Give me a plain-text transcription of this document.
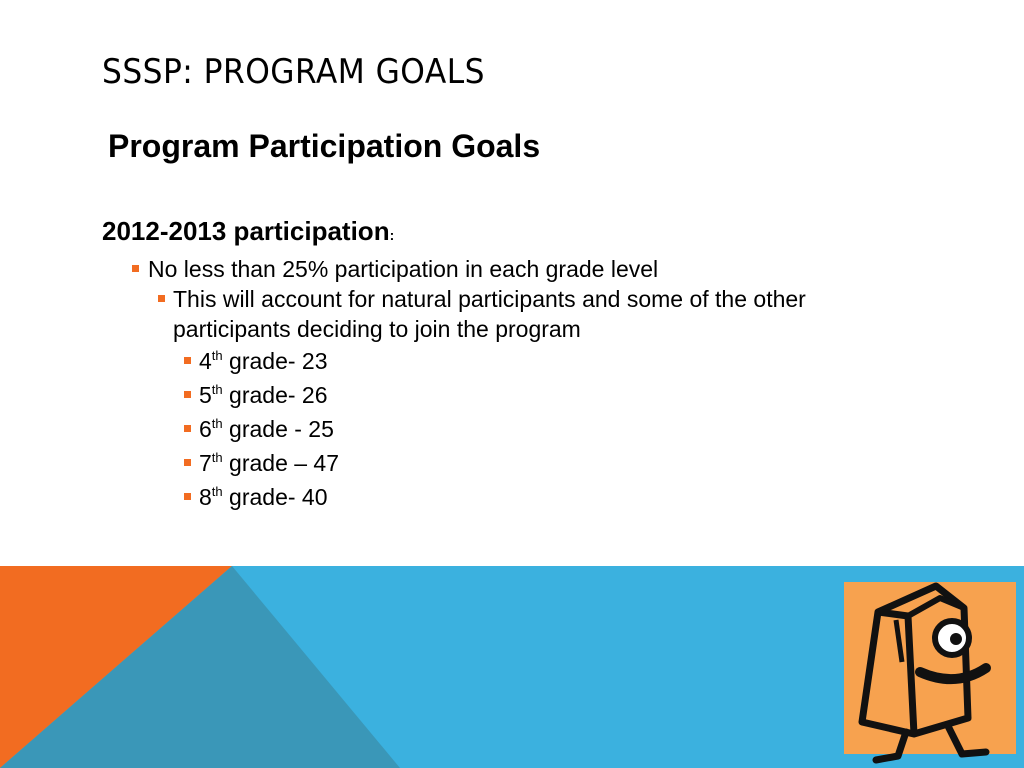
SSSP: PROGRAM GOALS
Program Participation Goals
2012-2013 participation:
No less than 25% participation in each grade level
This will account for natural participants and some of the other
participants deciding to join the program
4th grade- 23
5th grade- 26
6th grade - 25
7th grade – 47
8th grade- 40
